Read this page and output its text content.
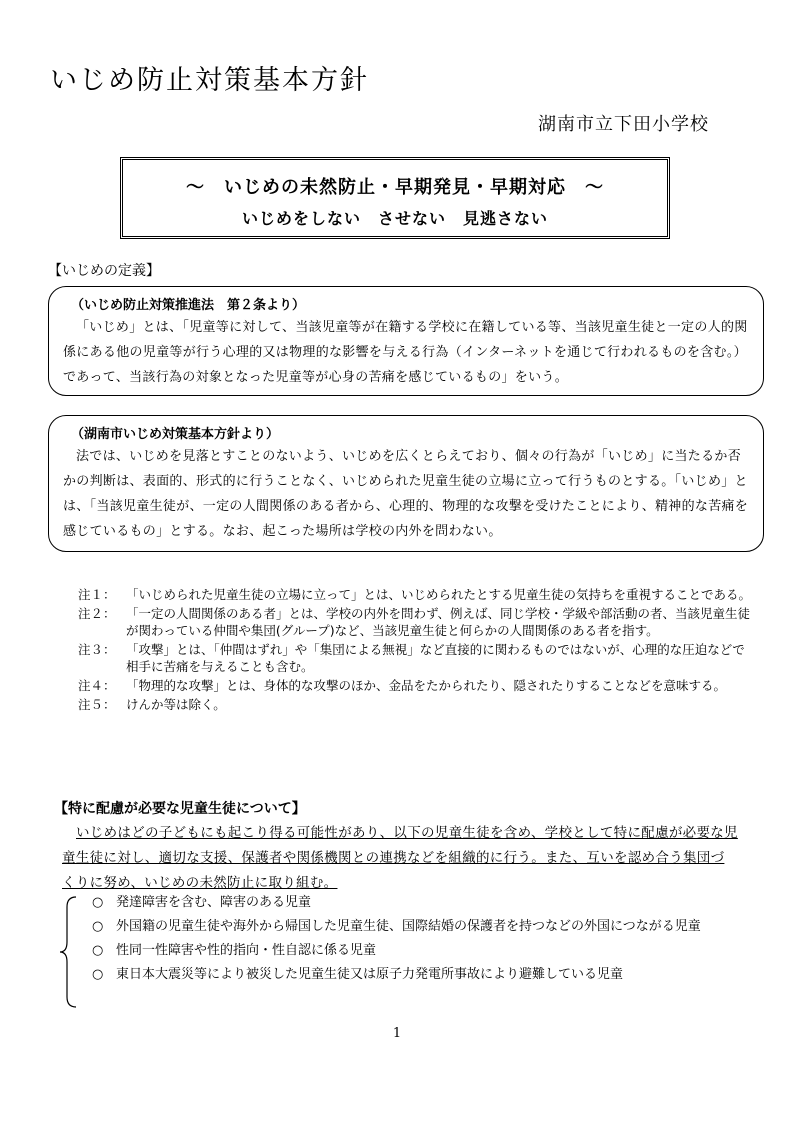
いじめ防止対策基本方針
湖南市立下田小学校
～　いじめの未然防止・早期発見・早期対応　～
いじめをしない　させない　見逃さない
【いじめの定義】
（いじめ防止対策推進法　第２条より）

「いじめ」とは、「児童等に対して、当該児童等が在籍する学校に在籍している等、当該児童生徒と一定の人的関係にある他の児童等が行う心理的又は物理的な影響を与える行為（インターネットを通じて行われるものを含む。）であって、当該行為の対象となった児童等が心身の苦痛を感じているもの」をいう。

（湖南市いじめ対策基本方針より）

法では、いじめを見落とすことのないよう、いじめを広くとらえており、個々の行為が「いじめ」に当たるか否かの判断は、表面的、形式的に行うことなく、いじめられた児童生徒の立場に立って行うものとする。「いじめ」とは、「当該児童生徒が、一定の人間関係のある者から、心理的、物理的な攻撃を受けたことにより、精神的な苦痛を感じているもの」とする。なお、起こった場所は学校の内外を問わない。

注１： 「いじめられた児童生徒の立場に立って」とは、いじめられたとする児童生徒の気持ちを重視することである。
注２： 「一定の人間関係のある者」とは、学校の内外を問わず、例えば、同じ学校・学級や部活動の者、当該児童生徒が関わっている仲間や集団(グループ)など、当該児童生徒と何らかの人間関係のある者を指す。
注３： 「攻撃」とは、「仲間はずれ」や「集団による無視」など直接的に関わるものではないが、心理的な圧迫などで相手に苦痛を与えることも含む。
注４： 「物理的な攻撃」とは、身体的な攻撃のほか、金品をたかられたり、隠されたりすることなどを意味する。
注５： けんか等は除く。
【特に配慮が必要な児童生徒について】

いじめはどの子どもにも起こり得る可能性があり、以下の児童生徒を含め、学校として特に配慮が必要な児童生徒に対し、適切な支援、保護者や関係機関との連携などを組織的に行う。また、互いを認め合う集団づくりに努め、いじめの未然防止に取り組む。

○ 発達障害を含む、障害のある児童
○ 外国籍の児童生徒や海外から帰国した児童生徒、国際結婚の保護者を持つなどの外国につながる児童
○ 性同一性障害や性的指向・性自認に係る児童
○ 東日本大震災等により被災した児童生徒又は原子力発電所事故により避難している児童
1
